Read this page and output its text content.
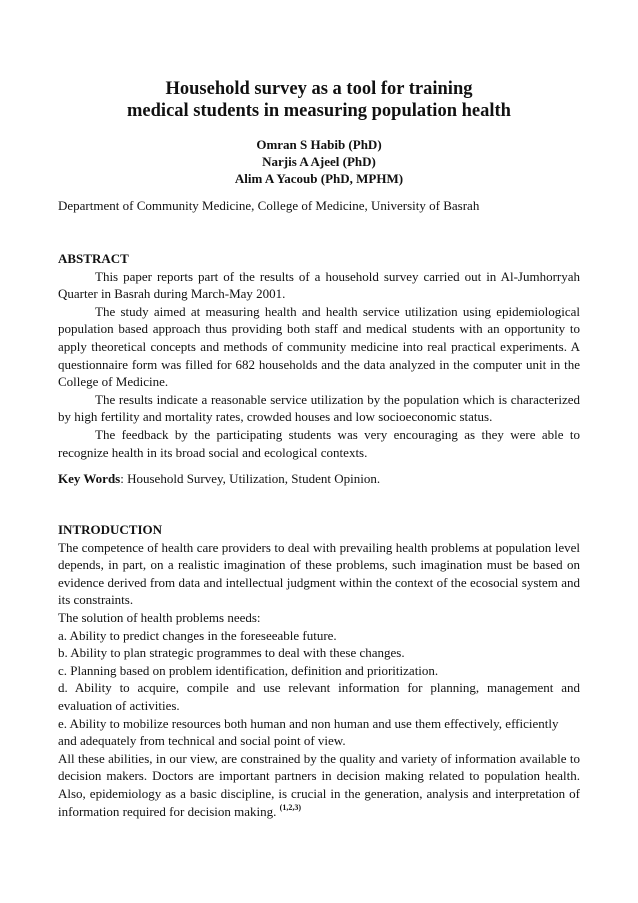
Household survey as a tool for training
medical students in measuring population health
Omran S Habib (PhD)
Narjis A Ajeel (PhD)
Alim A Yacoub (PhD, MPHM)
Department of Community Medicine, College of Medicine, University of Basrah

ABSTRACT

This paper reports part of the results of a household survey carried out in Al-Jumhorryah Quarter in Basrah during March-May 2001.

The study aimed at measuring health and health service utilization using epidemiological population based approach thus providing both staff and medical students with an opportunity to apply theoretical concepts and methods of community medicine into real practical experiments. A questionnaire form was filled for 682 households and the data analyzed in the computer unit in the College of Medicine.

The results indicate a reasonable service utilization by the population which is characterized by high fertility and mortality rates, crowded houses and low socioeconomic status.

The feedback by the participating students was very encouraging as they were able to recognize health in its broad social and ecological contexts.

Key Words: Household Survey, Utilization, Student Opinion.

INTRODUCTION

The competence of health care providers to deal with prevailing health problems at population level depends, in part, on a realistic imagination of these problems, such imagination must be based on evidence derived from data and intellectual judgment within the context of the ecosocial system and its constraints.

The solution of health problems needs:

a. Ability to predict changes in the foreseeable future.

b. Ability to plan strategic programmes to deal with these changes.

c. Planning based on problem identification, definition and prioritization.

d. Ability to acquire, compile and use relevant information for planning, management and evaluation of activities.

e. Ability to mobilize resources both human and non human and use them effectively, efficiently and adequately from technical and social point of view.

All these abilities, in our view, are constrained by the quality and variety of information available to decision makers. Doctors are important partners in decision making related to population health. Also, epidemiology as a basic discipline, is crucial in the generation, analysis and interpretation of information required for decision making. $^{(1,2,3)}$
